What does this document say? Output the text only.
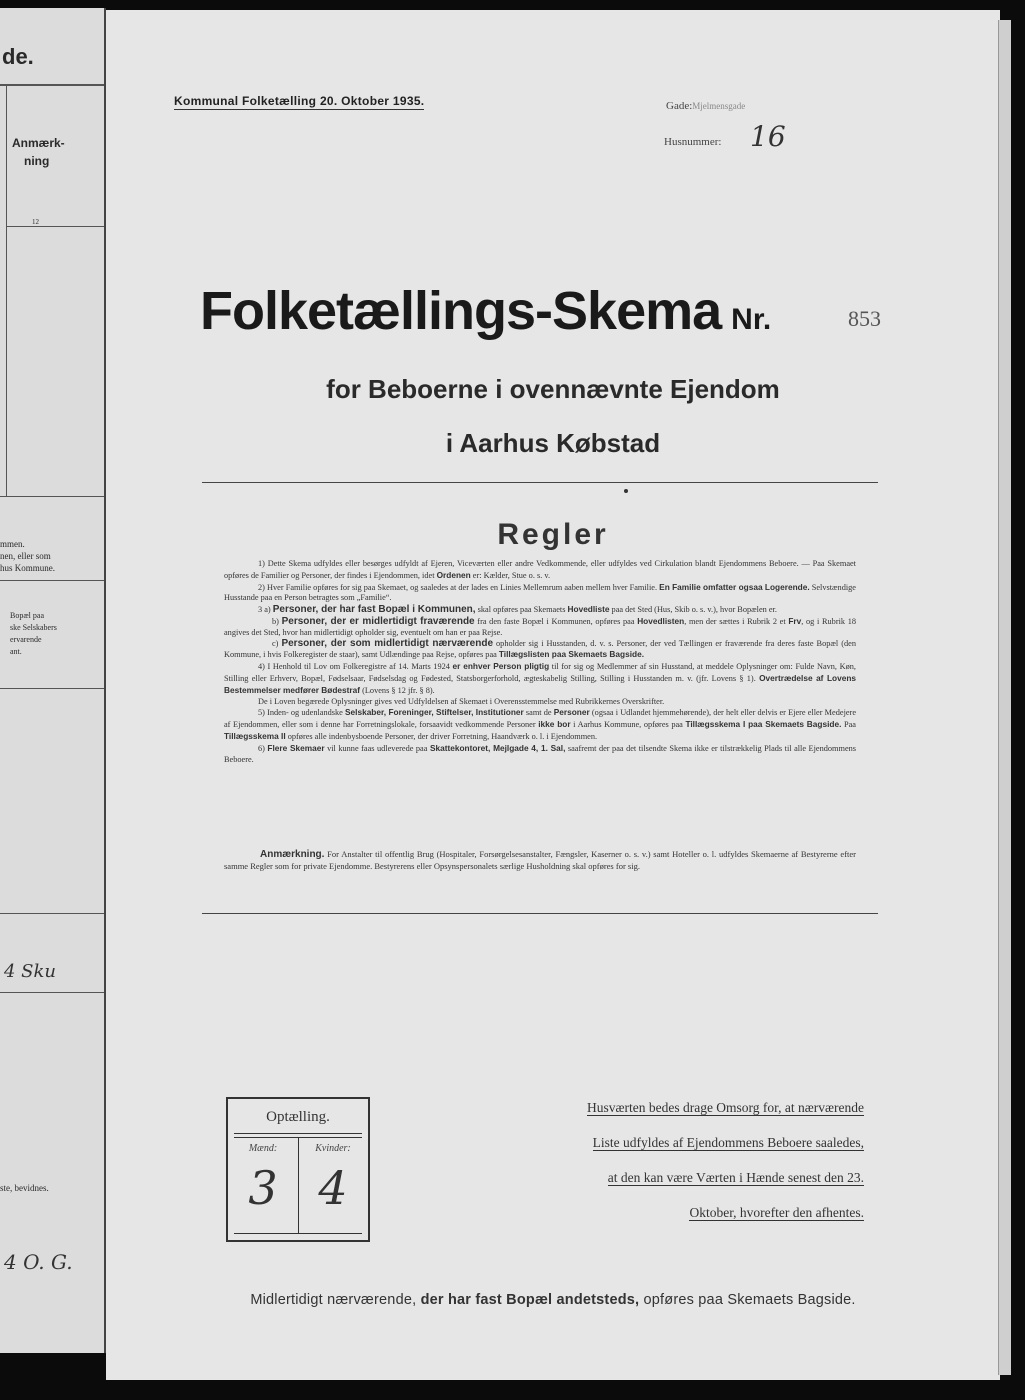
de.
Anmærk-
ning
12
mmen.
nen, eller som
hus Kommune.
Bopæl paa
ske Selskabers
ervarende
ant.
4 Sku
ste, bevidnes.
4 O. G.
Kommunal Folketælling 20. Oktober 1935.	Gade:Mjelmensgade
Husnummer: 16
Folketællings-Skema Nr.	853
for Beboerne i ovennævnte Ejendom
i Aarhus Købstad
Regler

1) Dette Skema udfyldes eller besørges udfyldt af Ejeren, Viceværten eller andre Vedkommende, eller udfyldes ved Cirkulation blandt Ejendommens Beboere. — Paa Skemaet opføres de Familier og Personer, der findes i Ejendommen, idet Ordenen er: Kælder, Stue o. s. v.

2) Hver Familie opføres for sig paa Skemaet, og saaledes at der lades en Linies Mellemrum aaben mellem hver Familie. En Familie omfatter ogsaa Logerende. Selvstændige Husstande paa en Person betragtes som „Familie“.

3 a) Personer, der har fast Bopæl i Kommunen, skal opføres paa Skemaets Hovedliste paa det Sted (Hus, Skib o. s. v.), hvor Bopælen er.

b) Personer, der er midlertidigt fraværende fra den faste Bopæl i Kommunen, opføres paa Hovedlisten, men der sættes i Rubrik 2 et Frv, og i Rubrik 18 angives det Sted, hvor han midlertidigt opholder sig, eventuelt om han er paa Rejse.

c) Personer, der som midlertidigt nærværende opholder sig i Husstanden, d. v. s. Personer, der ved Tællingen er fraværende fra deres faste Bopæl (den Kommune, i hvis Folkeregister de staar), samt Udlændinge paa Rejse, opføres paa Tillægslisten paa Skemaets Bagside.

4) I Henhold til Lov om Folkeregistre af 14. Marts 1924 er enhver Person pligtig til for sig og Medlemmer af sin Husstand, at meddele Oplysninger om: Fulde Navn, Køn, Stilling eller Erhverv, Bopæl, Fødselsaar, Fødselsdag og Fødested, Statsborgerforhold, ægteskabelig Stilling, Stilling i Husstanden m. v. (jfr. Lovens § 1). Overtrædelse af Lovens Bestemmelser medfører Bødestraf (Lovens § 12 jfr. § 8).

De i Loven begærede Oplysninger gives ved Udfyldelsen af Skemaet i Overensstemmelse med Rubrikkernes Overskrifter.

5) Inden- og udenlandske Selskaber, Foreninger, Stiftelser, Institutioner samt de Personer (ogsaa i Udlandet hjemmehørende), der helt eller delvis er Ejere eller Medejere af Ejendommen, eller som i denne har Forretningslokale, forsaavidt vedkommende Personer ikke bor i Aarhus Kommune, opføres paa Tillægsskema I paa Skemaets Bagside. Paa Tillægsskema II opføres alle indenbysboende Personer, der driver Forretning, Haandværk o. l. i Ejendommen.

6) Flere Skemaer vil kunne faas udleverede paa Skattekontoret, Mejlgade 4, 1. Sal, saafremt der paa det tilsendte Skema ikke er tilstrækkelig Plads til alle Ejendommens Beboere.

Anmærkning. For Anstalter til offentlig Brug (Hospitaler, Forsørgelsesanstalter, Fængsler, Kaserner o. s. v.) samt Hoteller o. l. udfyldes Skemaerne af Bestyrerne efter samme Regler som for private Ejendomme. Bestyrerens eller Opsynspersonalets særlige Husholdning skal opføres for sig.
Optælling.
Mænd:	Kvinder:
3 4
Husværten bedes drage Omsorg for, at nærværende
Liste udfyldes af Ejendommens Beboere saaledes,
at den kan være Værten i Hænde senest den 23.
Oktober, hvorefter den afhentes.
Midlertidigt nærværende, der har fast Bopæl andetsteds, opføres paa Skemaets Bagside.
